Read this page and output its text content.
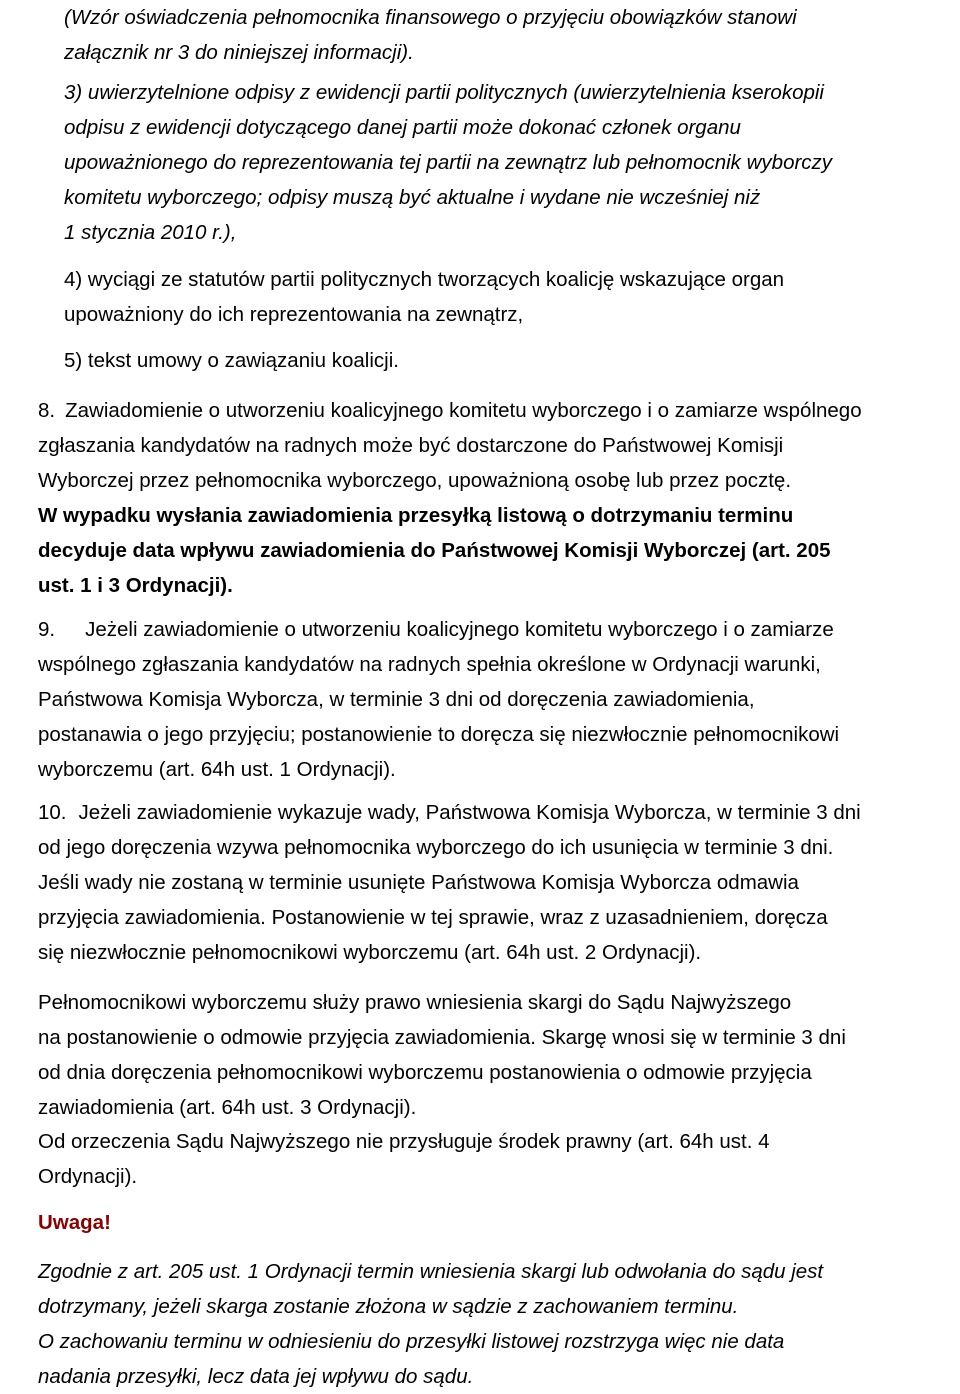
(Wzór oświadczenia pełnomocnika finansowego o przyjęciu obowiązków stanowi
załącznik nr 3 do niniejszej informacji).
3) uwierzytelnione odpisy z ewidencji partii politycznych (uwierzytelnienia kserokopii
odpisu z ewidencji dotyczącego danej partii może dokonać członek organu
upoważnionego do reprezentowania tej partii na zewnątrz lub pełnomocnik wyborczy
komitetu wyborczego; odpisy muszą być aktualne i wydane nie wcześniej niż
1 stycznia 2010 r.),
4) wyciągi ze statutów partii politycznych tworzących koalicję wskazujące organ
upoważniony do ich reprezentowania na zewnątrz,
5) tekst umowy o zawiązaniu koalicji.
8. Zawiadomienie o utworzeniu koalicyjnego komitetu wyborczego i o zamiarze wspólnego
zgłaszania kandydatów na radnych może być dostarczone do Państwowej Komisji
Wyborczej przez pełnomocnika wyborczego, upoważnioną osobę lub przez pocztę.
W wypadku wysłania zawiadomienia przesyłką listową o dotrzymaniu terminu
decyduje data wpływu zawiadomienia do Państwowej Komisji Wyborczej (art. 205
ust. 1 i 3 Ordynacji).
9. Jeżeli zawiadomienie o utworzeniu koalicyjnego komitetu wyborczego i o zamiarze
wspólnego zgłaszania kandydatów na radnych spełnia określone w Ordynacji warunki,
Państwowa Komisja Wyborcza, w terminie 3 dni od doręczenia zawiadomienia,
postanawia o jego przyjęciu; postanowienie to doręcza się niezwłocznie pełnomocnikowi
wyborczemu (art. 64h ust. 1 Ordynacji).
10. Jeżeli zawiadomienie wykazuje wady, Państwowa Komisja Wyborcza, w terminie 3 dni
od jego doręczenia wzywa pełnomocnika wyborczego do ich usunięcia w terminie 3 dni.
Jeśli wady nie zostaną w terminie usunięte Państwowa Komisja Wyborcza odmawia
przyjęcia zawiadomienia. Postanowienie w tej sprawie, wraz z uzasadnieniem, doręcza
się niezwłocznie pełnomocnikowi wyborczemu (art. 64h ust. 2 Ordynacji).
Pełnomocnikowi wyborczemu służy prawo wniesienia skargi do Sądu Najwyższego
na postanowienie o odmowie przyjęcia zawiadomienia. Skargę wnosi się w terminie 3 dni
od dnia doręczenia pełnomocnikowi wyborczemu postanowienia o odmowie przyjęcia
zawiadomienia (art. 64h ust. 3 Ordynacji).
Od orzeczenia Sądu Najwyższego nie przysługuje środek prawny (art. 64h ust. 4
Ordynacji).
Uwaga!
Zgodnie z art. 205 ust. 1 Ordynacji termin wniesienia skargi lub odwołania do sądu jest
dotrzymany, jeżeli skarga zostanie złożona w sądzie z zachowaniem terminu.
O zachowaniu terminu w odniesieniu do przesyłki listowej rozstrzyga więc nie data
nadania przesyłki, lecz data jej wpływu do sądu.
